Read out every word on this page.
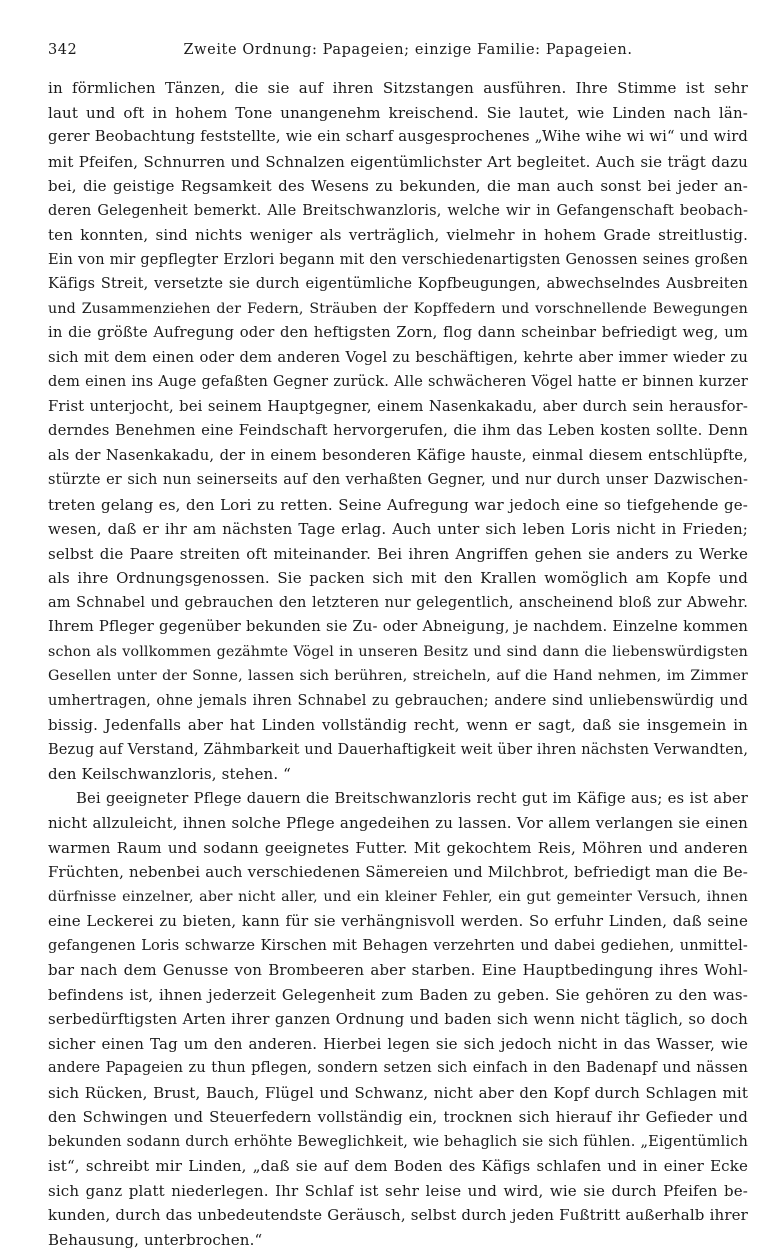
342	Zweite Ordnung: Papageien; einzige Familie: Papageien.
in förmlichen Tänzen, die sie auf ihren Sitzstangen ausführen. Ihre Stimme ist sehr
laut und oft in hohem Tone unangenehm kreischend. Sie lautet, wie Linden nach län-
gerer Beobachtung feststellte, wie ein scharf ausgesprochenes „Wihe wihe wi wi“ und wird
mit Pfeifen, Schnurren und Schnalzen eigentümlichster Art begleitet. Auch sie trägt dazu
bei, die geistige Regsamkeit des Wesens zu bekunden, die man auch sonst bei jeder an-
deren Gelegenheit bemerkt. Alle Breitschwanzloris, welche wir in Gefangenschaft beobach-
ten konnten, sind nichts weniger als verträglich, vielmehr in hohem Grade streitlustig.
Ein von mir gepflegter Erzlori begann mit den verschiedenartigsten Genossen seines großen
Käfigs Streit, versetzte sie durch eigentümliche Kopfbeugungen, abwechselndes Ausbreiten
und Zusammenziehen der Federn, Sträuben der Kopffedern und vorschnellende Bewegungen
in die größte Aufregung oder den heftigsten Zorn, flog dann scheinbar befriedigt weg, um
sich mit dem einen oder dem anderen Vogel zu beschäftigen, kehrte aber immer wieder zu
dem einen ins Auge gefaßten Gegner zurück. Alle schwächeren Vögel hatte er binnen kurzer
Frist unterjocht, bei seinem Hauptgegner, einem Nasenkakadu, aber durch sein herausfor-
derndes Benehmen eine Feindschaft hervorgerufen, die ihm das Leben kosten sollte. Denn
als der Nasenkakadu, der in einem besonderen Käfige hauste, einmal diesem entschlüpfte,
stürzte er sich nun seinerseits auf den verhaßten Gegner, und nur durch unser Dazwischen-
treten gelang es, den Lori zu retten. Seine Aufregung war jedoch eine so tiefgehende ge-
wesen, daß er ihr am nächsten Tage erlag. Auch unter sich leben Loris nicht in Frieden;
selbst die Paare streiten oft miteinander. Bei ihren Angriffen gehen sie anders zu Werke
als ihre Ordnungsgenossen. Sie packen sich mit den Krallen womöglich am Kopfe und
am Schnabel und gebrauchen den letzteren nur gelegentlich, anscheinend bloß zur Abwehr.
Ihrem Pfleger gegenüber bekunden sie Zu- oder Abneigung, je nachdem. Einzelne kommen
schon als vollkommen gezähmte Vögel in unseren Besitz und sind dann die liebenswürdigsten
Gesellen unter der Sonne, lassen sich berühren, streicheln, auf die Hand nehmen, im Zimmer
umhertragen, ohne jemals ihren Schnabel zu gebrauchen; andere sind unliebenswürdig und
bissig. Jedenfalls aber hat Linden vollständig recht, wenn er sagt, daß sie insgemein in
Bezug auf Verstand, Zähmbarkeit und Dauerhaftigkeit weit über ihren nächsten Verwandten,
den Keilschwanzloris, stehen. “
Bei geeigneter Pflege dauern die Breitschwanzloris recht gut im Käfige aus; es ist aber
nicht allzuleicht, ihnen solche Pflege angedeihen zu lassen. Vor allem verlangen sie einen
warmen Raum und sodann geeignetes Futter. Mit gekochtem Reis, Möhren und anderen
Früchten, nebenbei auch verschiedenen Sämereien und Milchbrot, befriedigt man die Be-
dürfnisse einzelner, aber nicht aller, und ein kleiner Fehler, ein gut gemeinter Versuch, ihnen
eine Leckerei zu bieten, kann für sie verhängnisvoll werden. So erfuhr Linden, daß seine
gefangenen Loris schwarze Kirschen mit Behagen verzehrten und dabei gediehen, unmittel-
bar nach dem Genusse von Brombeeren aber starben. Eine Hauptbedingung ihres Wohl-
befindens ist, ihnen jederzeit Gelegenheit zum Baden zu geben. Sie gehören zu den was-
serbedürftigsten Arten ihrer ganzen Ordnung und baden sich wenn nicht täglich, so doch
sicher einen Tag um den anderen. Hierbei legen sie sich jedoch nicht in das Wasser, wie
andere Papageien zu thun pflegen, sondern setzen sich einfach in den Badenapf und nässen
sich Rücken, Brust, Bauch, Flügel und Schwanz, nicht aber den Kopf durch Schlagen mit
den Schwingen und Steuerfedern vollständig ein, trocknen sich hierauf ihr Gefieder und
bekunden sodann durch erhöhte Beweglichkeit, wie behaglich sie sich fühlen. „Eigentümlich
ist“, schreibt mir Linden, „daß sie auf dem Boden des Käfigs schlafen und in einer Ecke
sich ganz platt niederlegen. Ihr Schlaf ist sehr leise und wird, wie sie durch Pfeifen be-
kunden, durch das unbedeutendste Geräusch, selbst durch jeden Fußtritt außerhalb ihrer
Behausung, unterbrochen.“
